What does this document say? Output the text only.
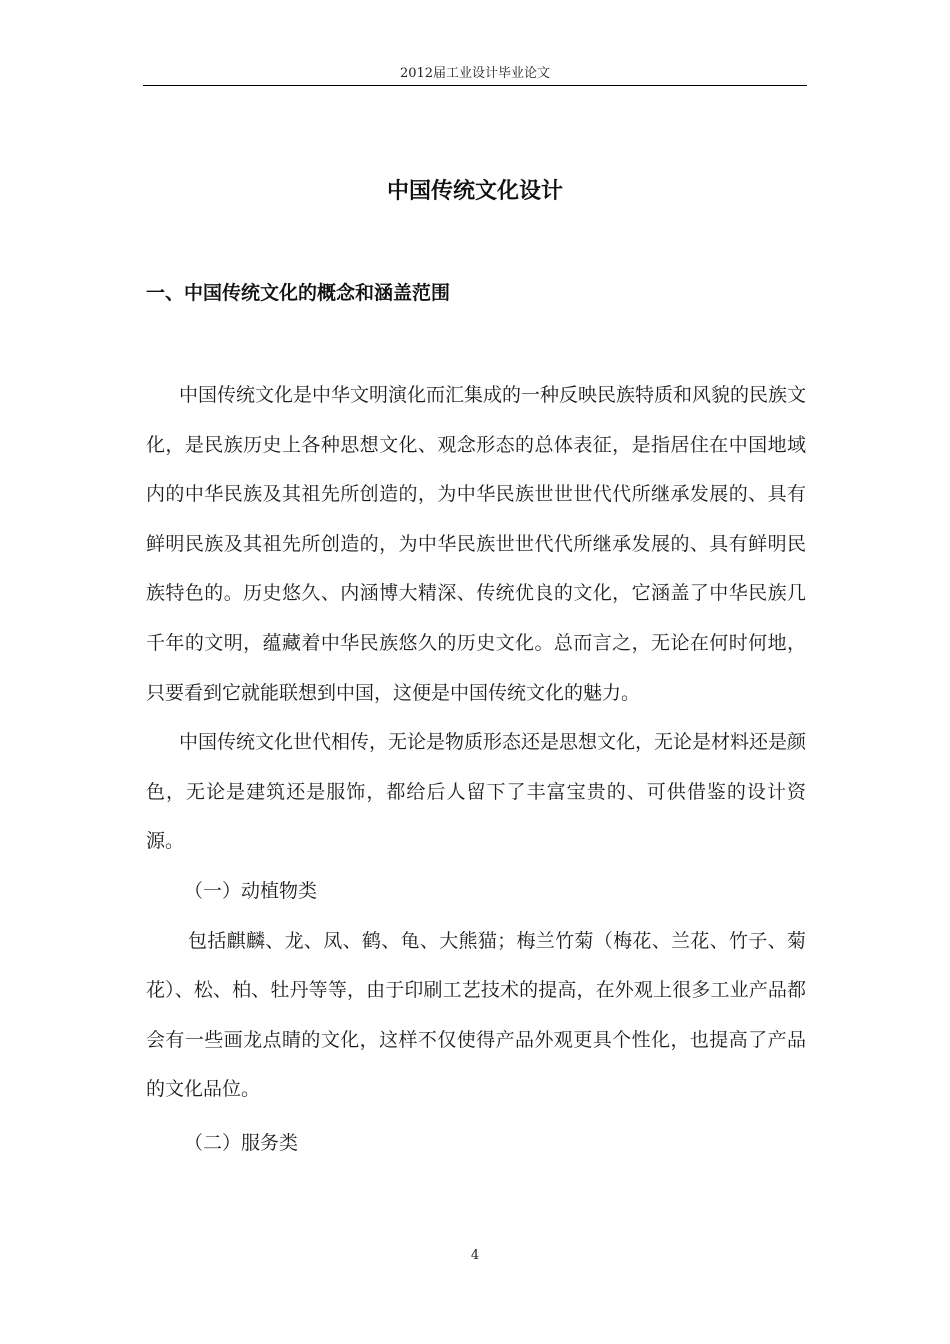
2012届工业设计毕业论文
中国传统文化设计
一、中国传统文化的概念和涵盖范围

中国传统文化是中华文明演化而汇集成的一种反映民族特质和风貌的民族文化，是民族历史上各种思想文化、观念形态的总体表征，是指居住在中国地域内的中华民族及其祖先所创造的，为中华民族世世世代代所继承发展的、具有鲜明民族及其祖先所创造的，为中华民族世世代代所继承发展的、具有鲜明民族特色的。历史悠久、内涵博大精深、传统优良的文化，它涵盖了中华民族几千年的文明，蕴藏着中华民族悠久的历史文化。总而言之，无论在何时何地，只要看到它就能联想到中国，这便是中国传统文化的魅力。

中国传统文化世代相传，无论是物质形态还是思想文化，无论是材料还是颜色，无论是建筑还是服饰，都给后人留下了丰富宝贵的、可供借鉴的设计资源。

（一）动植物类

包括麒麟、龙、凤、鹤、龟、大熊猫；梅兰竹菊（梅花、兰花、竹子、菊花）、松、柏、牡丹等等，由于印刷工艺技术的提高，在外观上很多工业产品都会有一些画龙点睛的文化，这样不仅使得产品外观更具个性化，也提高了产品的文化品位。

（二）服务类

4
